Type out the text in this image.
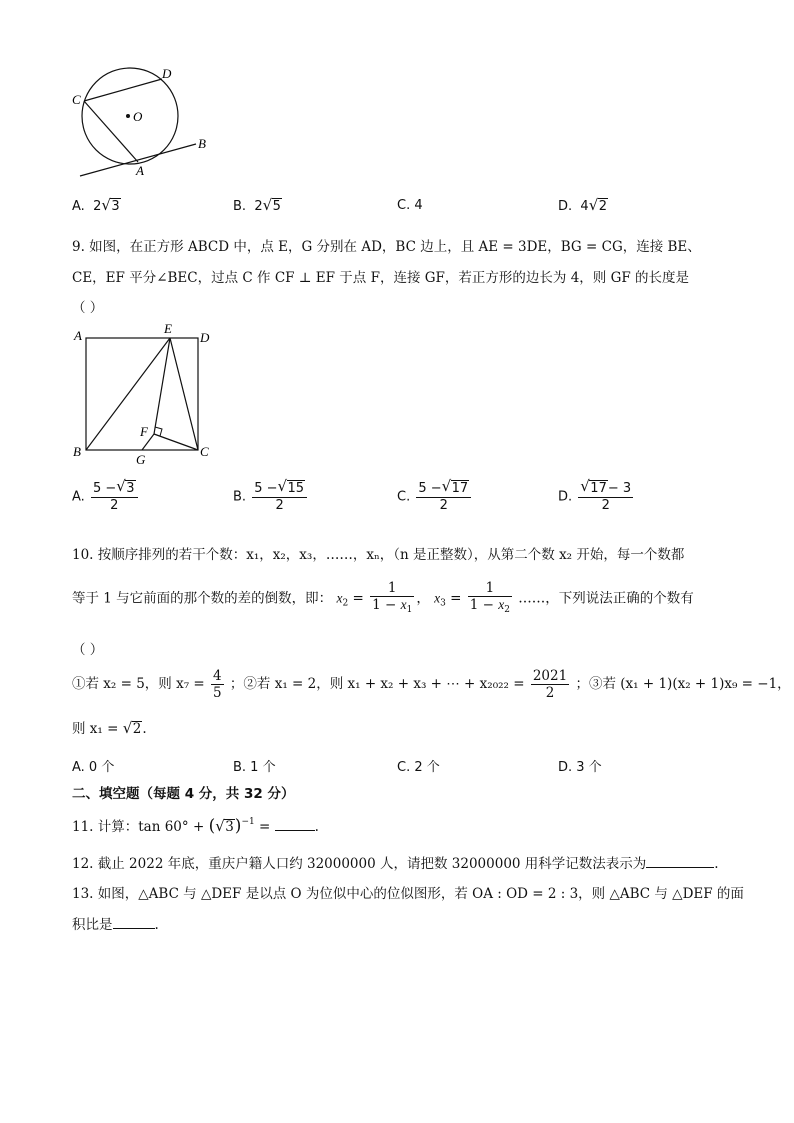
C
D
O
A
B
A. 2 √ 3	B. 2 √ 5	C. 4	D. 4 √ 2
9. 如图，在正方形 ABCD 中，点 E，G 分别在 AD，BC 边上，且 AE = 3DE，BG = CG，连接 BE、
CE，EF 平分∠BEC，过点 C 作 CF ⊥ EF 于点 F，连接 GF，若正方形的边长为 4，则 GF 的长度是
（ ）
A	E
D
F
B
G
C
A. $\frac{5 - √ 3}{2}$	B. $\frac{5 - √ 15}{2}$	C. $\frac{5 - √ 17}{2}$	D. $\frac{√ 17- 3}{2}$
10. 按顺序排列的若干个数：x₁，x₂，x₃，……，xₙ，（n 是正整数），从第二个数 x₂ 开始，每一个数都
等于 1 与它前面的那个数的差的倒数，即： $x_2 = \frac{1}{1 - x_1}$ ， $x_3 = \frac{1}{1 - x_2}$ ……，下列说法正确的个数有
（ ）
①若 x₂ = 5，则 $x_7 = \frac{4}{5}$ ；②若 x₁ = 2，则 x₁ + x₂ + x₃ + ⋯ + $x_{2022} = \frac{2021}{2}$ ；③若 (x₁ + 1)(x₂ + 1)x₉ = −1，
则 x₁ = √ 2.
A. 0 个	B. 1 个	C. 2 个	D. 3 个
二、填空题（每题 4 分，共 32 分）
11. 计算：tan 60° + ( √ 3)$^{-1}$ =	.
12. 截止 2022 年底，重庆户籍人口约 32000000 人，请把数 32000000 用科学记数法表示为	.
13. 如图，△ABC 与 △DEF 是以点 O 为位似中心的位似图形，若 OA : OD = 2 : 3，则 △ABC 与 △DEF 的面
积比是	.
